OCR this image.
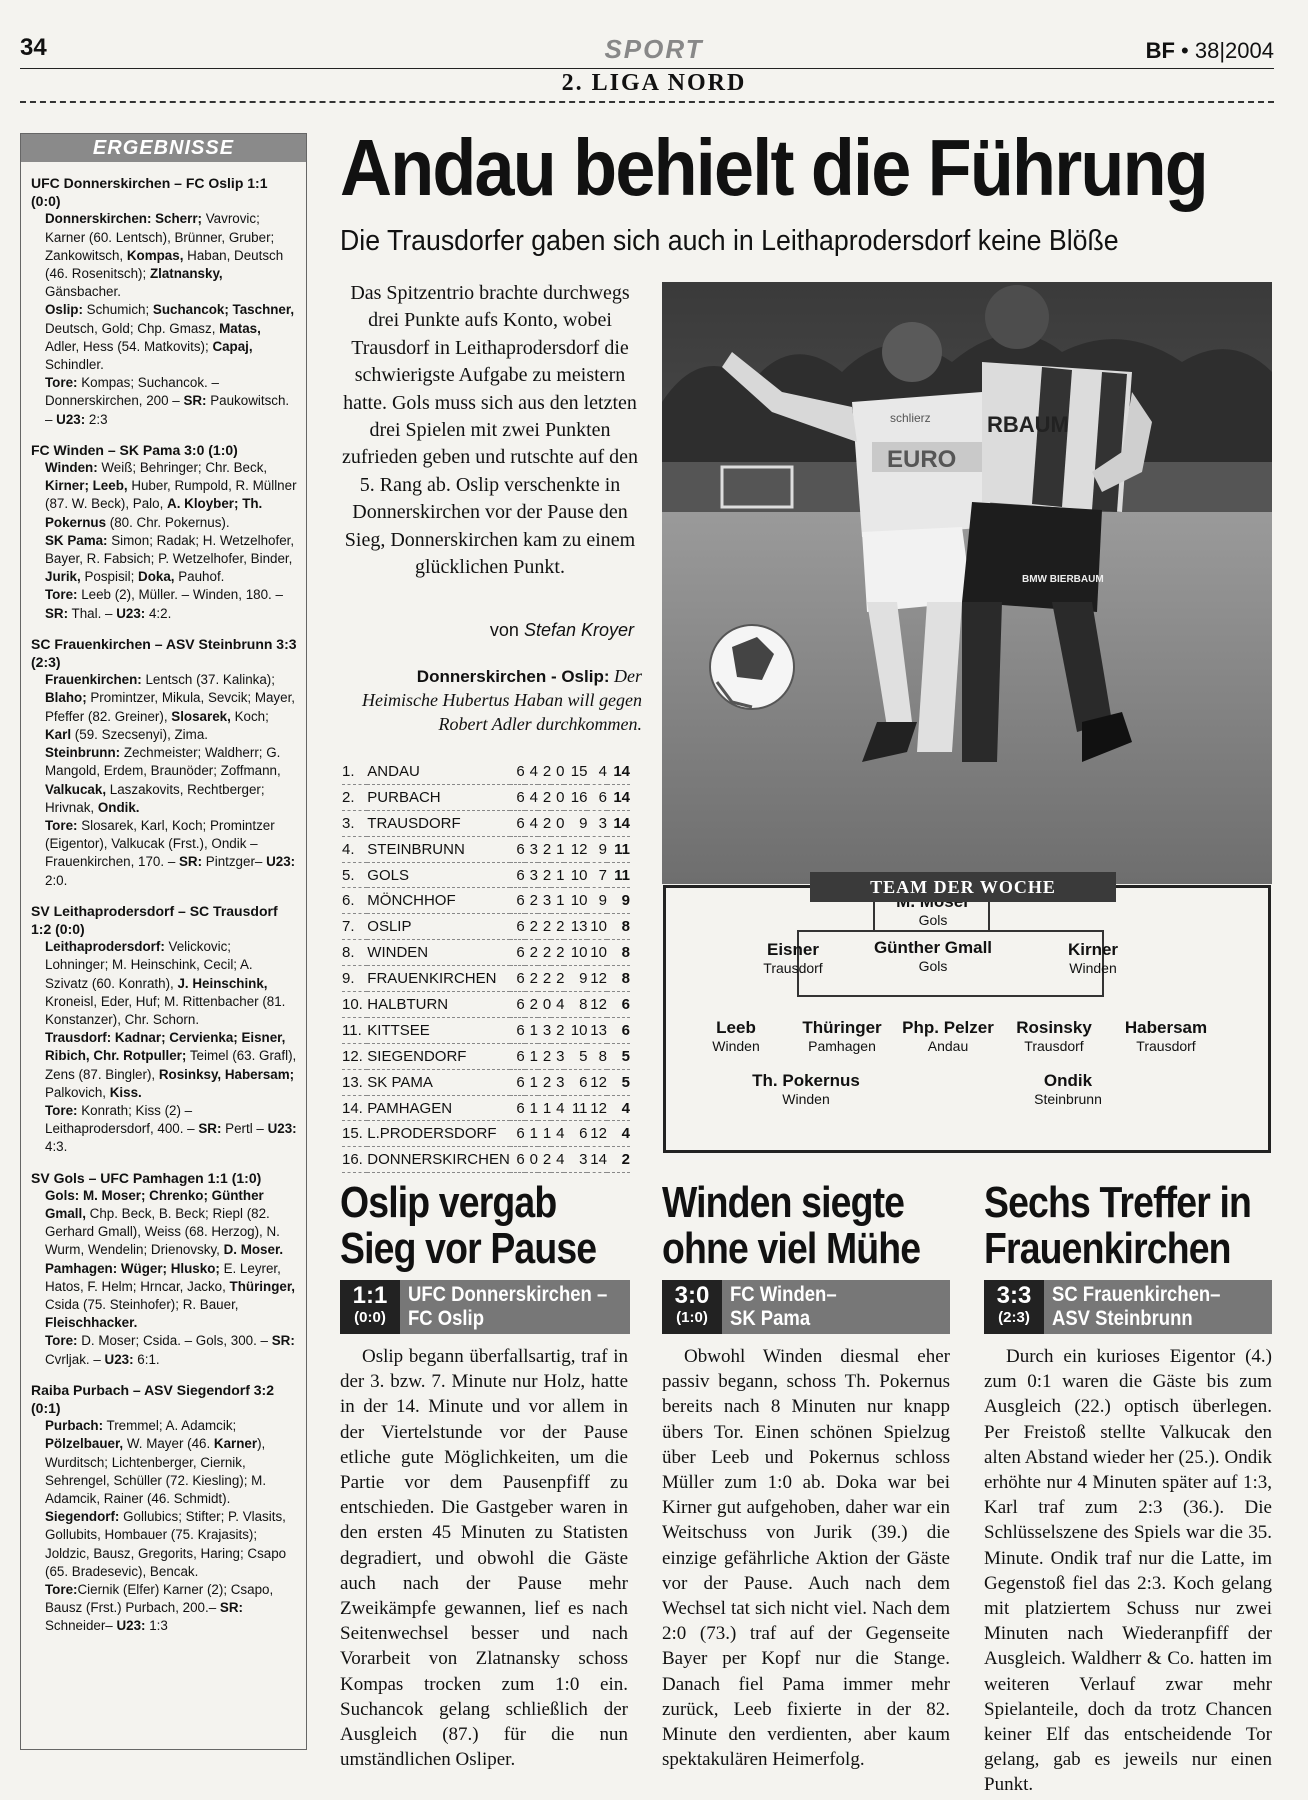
34	SPORT	BF • 38|2004
2. LIGA NORD
ERGEBNISSE
UFC Donnerskirchen – FC Oslip 1:1 (0:0)
Donnerskirchen: Scherr; Vavrovic; Karner (60. Lentsch), Brünner, Gruber; Zankowitsch, Kompas, Haban, Deutsch (46. Rosenitsch); Zlatnansky, Gänsbacher.
Oslip: Schumich; Suchancok; Taschner, Deutsch, Gold; Chp. Gmasz, Matas, Adler, Hess (54. Matkovits); Capaj, Schindler.
Tore: Kompas; Suchancok. – Donnerskirchen, 200 – SR: Paukowitsch. – U23: 2:3
FC Winden – SK Pama 3:0 (1:0)
Winden: Weiß; Behringer; Chr. Beck, Kirner; Leeb, Huber, Rumpold, R. Müllner (87. W. Beck), Palo, A. Kloyber; Th. Pokernus (80. Chr. Pokernus).
SK Pama: Simon; Radak; H. Wetzelhofer, Bayer, R. Fabsich; P. Wetzelhofer, Binder, Jurik, Pospisil; Doka, Pauhof.
Tore: Leeb (2), Müller. – Winden, 180. – SR: Thal. – U23: 4:2.
SC Frauenkirchen – ASV Steinbrunn 3:3 (2:3)
Frauenkirchen: Lentsch (37. Kalinka); Blaho; Promintzer, Mikula, Sevcik; Mayer, Pfeffer (82. Greiner), Slosarek, Koch; Karl (59. Szecsenyi), Zima.
Steinbrunn: Zechmeister; Waldherr; G. Mangold, Erdem, Braunöder; Zoffmann, Valkucak, Laszakovits, Rechtberger; Hrivnak, Ondik.
Tore: Slosarek, Karl, Koch; Promintzer (Eigentor), Valkucak (Frst.), Ondik – Frauenkirchen, 170. – SR: Pintzger– U23: 2:0.
SV Leithaprodersdorf – SC Trausdorf 1:2 (0:0)
Leithaprodersdorf: Velickovic; Lohninger; M. Heinschink, Cecil; A. Szivatz (60. Konrath), J. Heinschink, Kroneisl, Eder, Huf; M. Rittenbacher (81. Konstanzer), Chr. Schorn.
Trausdorf: Kadnar; Cervienka; Eisner, Ribich, Chr. Rotpuller; Teimel (63. Grafl), Zens (87. Bingler), Rosinksy, Habersam; Palkovich, Kiss.
Tore: Konrath; Kiss (2) – Leithaprodersdorf, 400. – SR: Pertl – U23: 4:3.
SV Gols – UFC Pamhagen 1:1 (1:0)
Gols: M. Moser; Chrenko; Günther Gmall, Chp. Beck, B. Beck; Riepl (82. Gerhard Gmall), Weiss (68. Herzog), N. Wurm, Wendelin; Drienovsky, D. Moser.
Pamhagen: Wüger; Hlusko; E. Leyrer, Hatos, F. Helm; Hrncar, Jacko, Thüringer, Csida (75. Steinhofer); R. Bauer, Fleischhacker.
Tore: D. Moser; Csida. – Gols, 300. – SR: Cvrljak. – U23: 6:1.
Raiba Purbach – ASV Siegendorf 3:2 (0:1)
Purbach: Tremmel; A. Adamcik; Pölzelbauer, W. Mayer (46. Karner), Wurditsch; Lichtenberger, Ciernik, Sehrengel, Schüller (72. Kiesling); M. Adamcik, Rainer (46. Schmidt).
Siegendorf: Gollubics; Stifter; P. Vlasits, Gollubits, Hombauer (75. Krajasits); Joldzic, Bausz, Gregorits, Haring; Csapo (65. Bradesevic), Bencak.
Tore:Ciernik (Elfer) Karner (2); Csapo, Bausz (Frst.) Purbach, 200.– SR: Schneider– U23: 1:3
Andau behielt die Führung
Die Trausdorfer gaben sich auch in Leithaprodersdorf keine Blöße
Das Spitzentrio brachte durchwegs drei Punkte aufs Konto, wobei Trausdorf in Leithaprodersdorf die schwierigste Aufgabe zu meistern hatte. Gols muss sich aus den letzten drei Spielen mit zwei Punkten zufrieden geben und rutschte auf den 5. Rang ab. Oslip verschenkte in Donnerskirchen vor der Pause den Sieg, Donnerskirchen kam zu einem glücklichen Punkt.
von Stefan Kroyer
Donnerskirchen - Oslip: Der Heimische Hubertus Haban will gegen Robert Adler durchkommen.
1.	ANDAU	6	4	2	0	15	4	14
2.	PURBACH	6	4	2	0	16	6	14
3.	TRAUSDORF	6	4	2	0	9	3	14
4.	STEINBRUNN	6	3	2	1	12	9	11
5.	GOLS	6	3	2	1	10	7	11
6.	MÖNCHHOF	6	2	3	1	10	9	9
7.	OSLIP	6	2	2	2	13	10	8
8.	WINDEN	6	2	2	2	10	10	8
9.	FRAUENKIRCHEN	6	2	2	2	9	12	8
10.	HALBTURN	6	2	0	4	8	12	6
11.	KITTSEE	6	1	3	2	10	13	6
12.	SIEGENDORF	6	1	2	3	5	8	5
13.	SK PAMA	6	1	2	3	6	12	5
14.	PAMHAGEN	6	1	1	4	11	12	4
15.	L.PRODERSDORF	6	1	1	4	6	12	4
16.	DONNERSKIRCHEN	6	0	2	4	3	14	2
EURO
schlierz	RBAUM
BMW BIERBAUM
Gols
Eisner
Trausdorf
Günther Gmall
Gols
Kirner
Winden
Leeb
Winden
Thüringer
Pamhagen
Php. Pelzer
Andau
Rosinsky
Trausdorf
Habersam
Trausdorf
Th. Pokernus
Winden
Ondik
Steinbrunn
TEAM DER WOCHE
Oslip vergab
Sieg vor Pause
1:1
(0:0)
UFC Donnerskirchen –
FC Oslip

Oslip begann überfallsartig, traf in der 3. bzw. 7. Minute nur Holz, hatte in der 14. Minute und vor allem in der Viertelstunde vor der Pause etliche gute Möglichkeiten, um die Partie vor dem Pausenpfiff zu entschieden. Die Gastgeber waren in den ersten 45 Minuten zu Statisten degradiert, und obwohl die Gäste auch nach der Pause mehr Zweikämpfe gewannen, lief es nach Seitenwechsel besser und nach Vorarbeit von Zlatnansky schoss Kompas trocken zum 1:0 ein. Suchancok gelang schließlich der Ausgleich (87.) für die nun umständlichen Osliper.

Winden siegte
ohne viel Mühe
3:0
(1:0)
FC Winden–
SK Pama

Obwohl Winden diesmal eher passiv begann, schoss Th. Pokernus bereits nach 8 Minuten nur knapp übers Tor. Einen schönen Spielzug über Leeb und Pokernus schloss Müller zum 1:0 ab. Doka war bei Kirner gut aufgehoben, daher war ein Weitschuss von Jurik (39.) die einzige gefährliche Aktion der Gäste vor der Pause. Auch nach dem Wechsel tat sich nicht viel. Nach dem 2:0 (73.) traf auf der Gegenseite Bayer per Kopf nur die Stange. Danach fiel Pama immer mehr zurück, Leeb fixierte in der 82. Minute den verdienten, aber kaum spektakulären Heimerfolg.

Sechs Treffer in
Frauenkirchen
3:3
(2:3)
SC Frauenkirchen–
ASV Steinbrunn

Durch ein kurioses Eigentor (4.) zum 0:1 waren die Gäste bis zum Ausgleich (22.) optisch überlegen. Per Freistoß stellte Valkucak den alten Abstand wieder her (25.). Ondik erhöhte nur 4 Minuten später auf 1:3, Karl traf zum 2:3 (36.). Die Schlüsselszene des Spiels war die 35. Minute. Ondik traf nur die Latte, im Gegenstoß fiel das 2:3. Koch gelang mit platziertem Schuss nur zwei Minuten nach Wiederanpfiff der Ausgleich. Waldherr & Co. hatten im weiteren Verlauf zwar mehr Spielanteile, doch da trotz Chancen keiner Elf das entscheidende Tor gelang, gab es jeweils nur einen Punkt.
